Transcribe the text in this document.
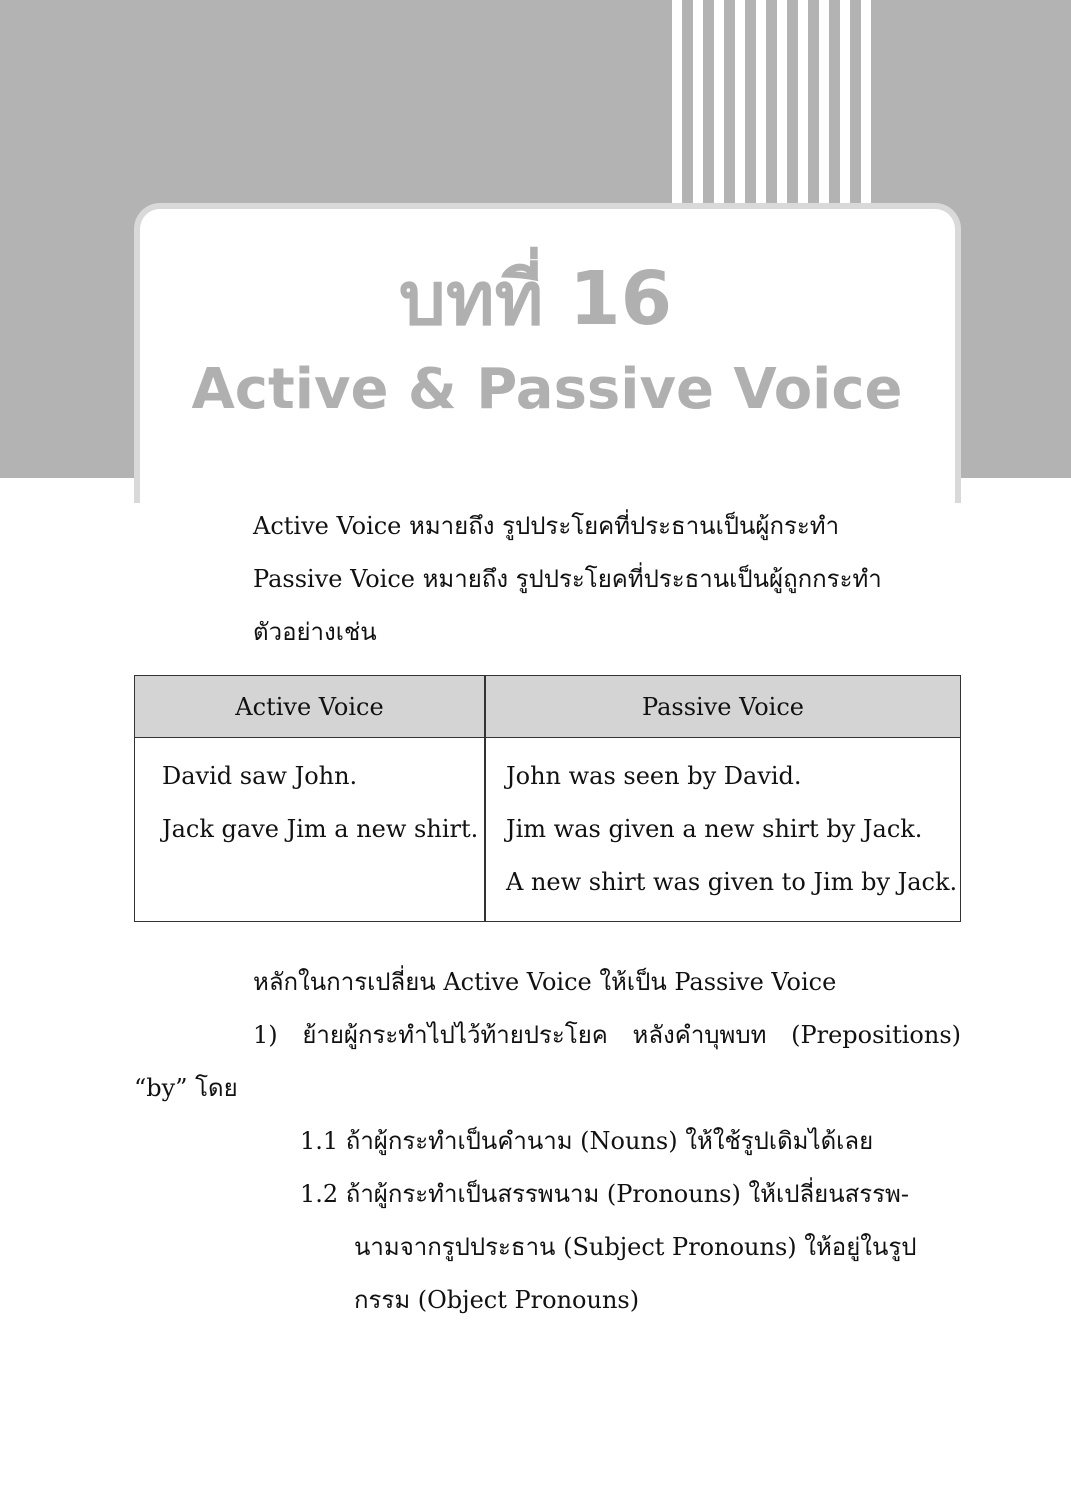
บทที่ 16
Active & Passive Voice
Active Voice หมายถึง รูปประโยคที่ประธานเป็นผู้กระทำ
Passive Voice หมายถึง รูปประโยคที่ประธานเป็นผู้ถูกกระทำ
ตัวอย่างเช่น
Active Voice	Passive Voice
David saw John.
Jack gave Jim a new shirt.
John was seen by David.
Jim was given a new shirt by Jack.
A new shirt was given to Jim by Jack.
หลักในการเปลี่ยน Active Voice ให้เป็น Passive Voice
1) ย้ายผู้กระทำไปไว้ท้ายประโยค หลังคำบุพบท (Prepositions)
“by” โดย
1.1 ถ้าผู้กระทำเป็นคำนาม (Nouns) ให้ใช้รูปเดิมได้เลย
1.2 ถ้าผู้กระทำเป็นสรรพนาม (Pronouns) ให้เปลี่ยนสรรพ-
นามจากรูปประธาน (Subject Pronouns) ให้อยู่ในรูป
กรรม (Object Pronouns)
